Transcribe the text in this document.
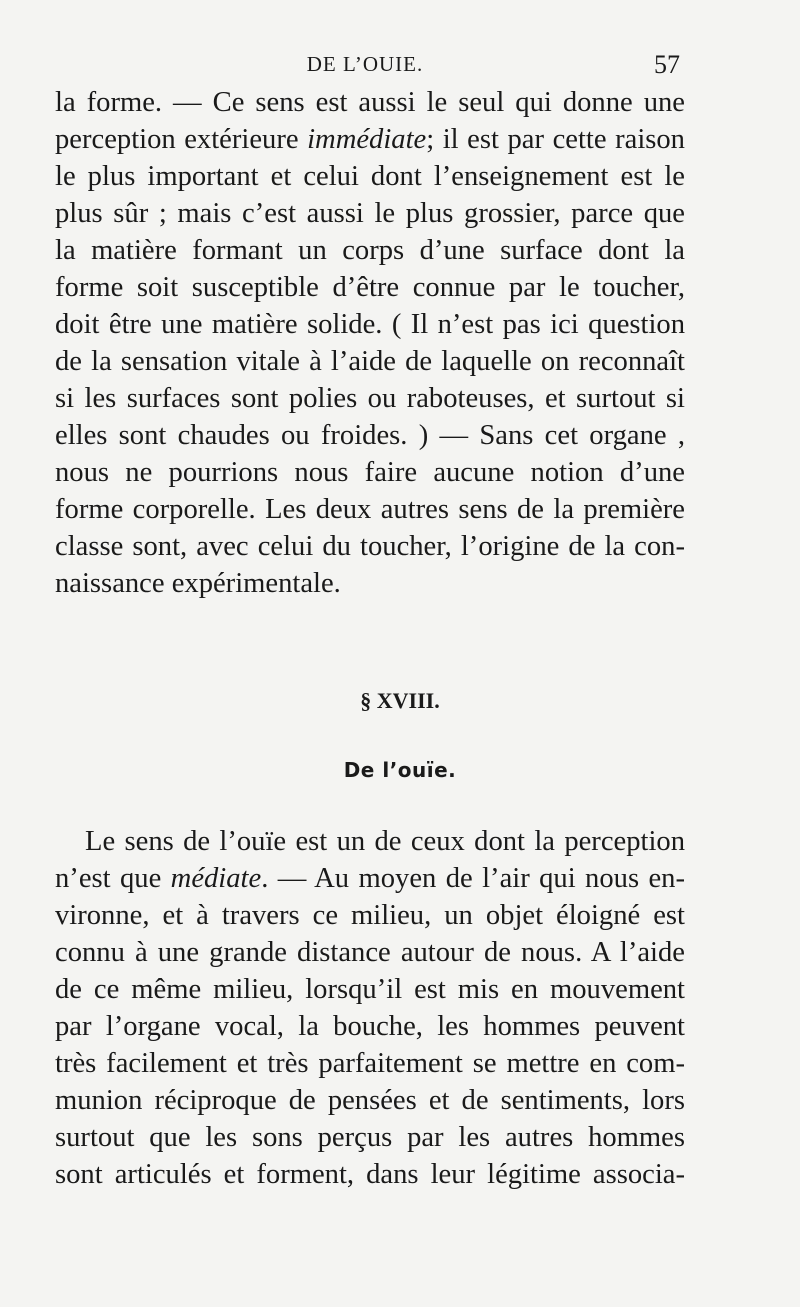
DE L’OUIE.	57
la forme. — Ce sens est aussi le seul qui donne une
perception extérieure immédiate; il est par cette raison
le plus important et celui dont l’enseignement est le
plus sûr ; mais c’est aussi le plus grossier, parce que
la matière formant un corps d’une surface dont la
forme soit susceptible d’être connue par le toucher,
doit être une matière solide. ( Il n’est pas ici question
de la sensation vitale à l’aide de laquelle on reconnaît
si les surfaces sont polies ou raboteuses, et surtout si
elles sont chaudes ou froides. ) — Sans cet organe ,
nous ne pourrions nous faire aucune notion d’une
forme corporelle. Les deux autres sens de la première
classe sont, avec celui du toucher, l’origine de la con-
naissance expérimentale.
§ XVIII.
De l’ouïe.
Le sens de l’ouïe est un de ceux dont la perception
n’est que médiate. — Au moyen de l’air qui nous en-
vironne, et à travers ce milieu, un objet éloigné est
connu à une grande distance autour de nous. A l’aide
de ce même milieu, lorsqu’il est mis en mouvement
par l’organe vocal, la bouche, les hommes peuvent
très facilement et très parfaitement se mettre en com-
munion réciproque de pensées et de sentiments, lors
surtout que les sons perçus par les autres hommes
sont articulés et forment, dans leur légitime associa-
